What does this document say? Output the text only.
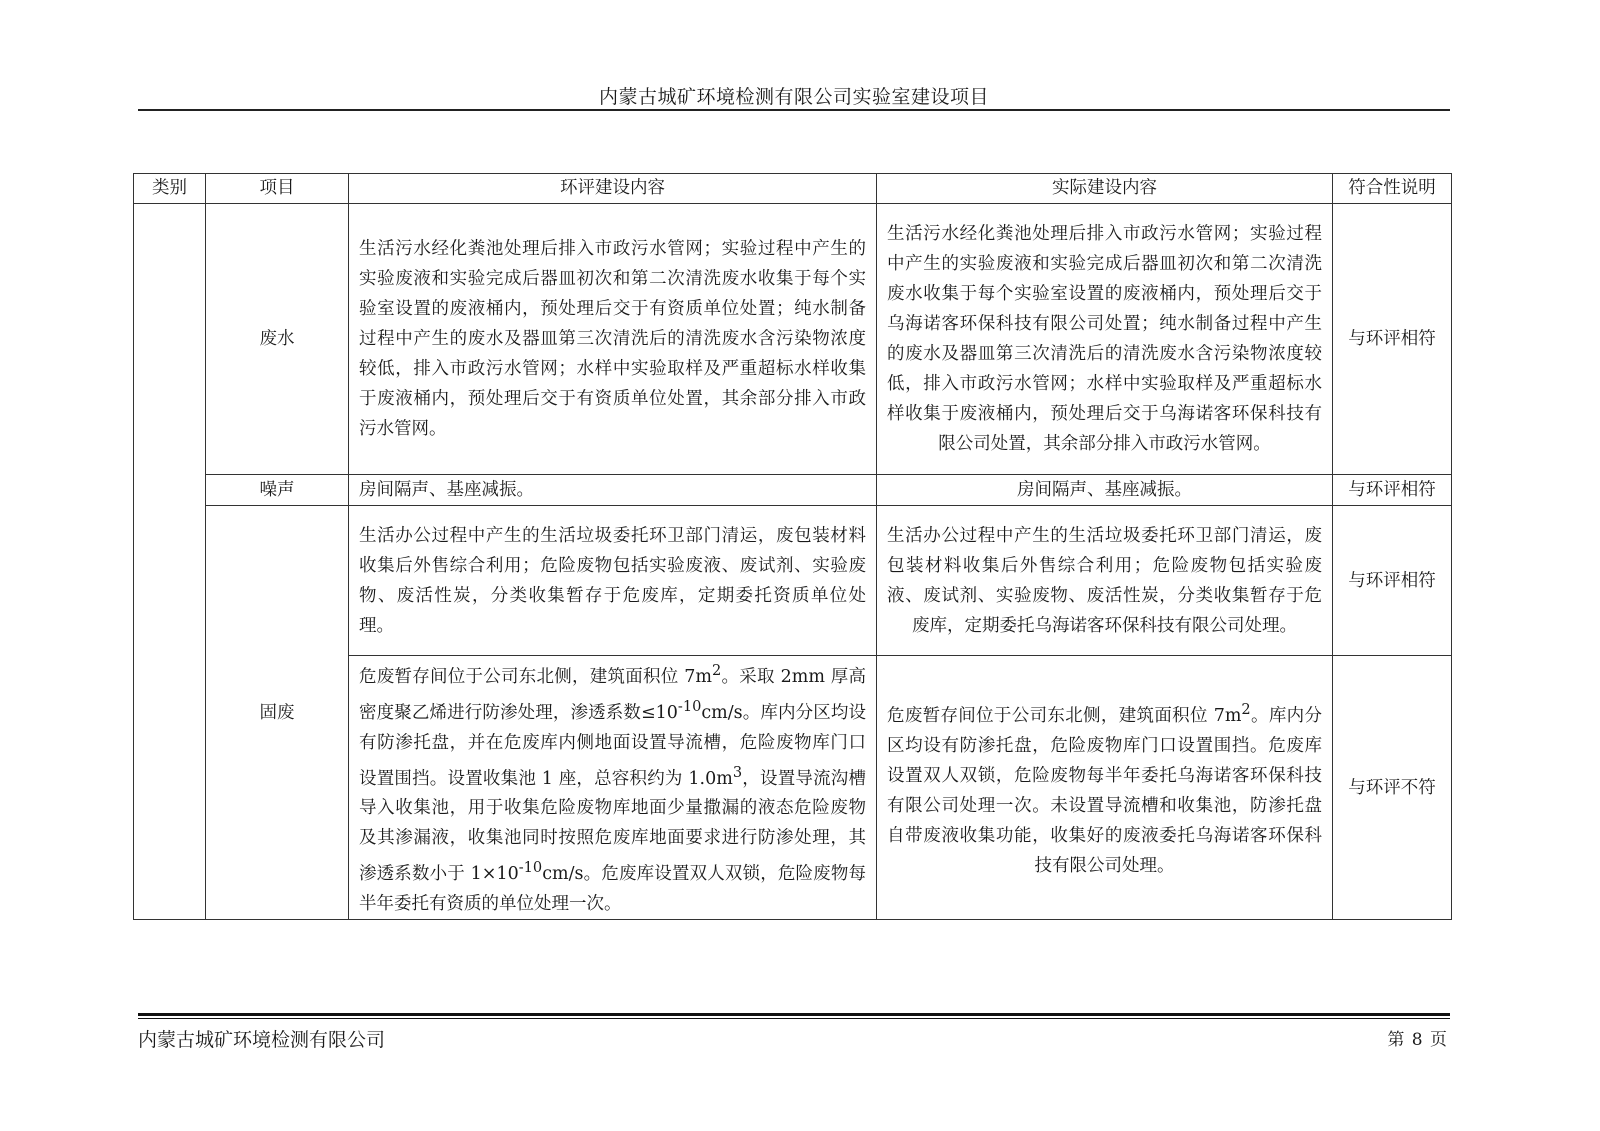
内蒙古城矿环境检测有限公司实验室建设项目
类别	项目	环评建设内容	实际建设内容	符合性说明
	废水	生活污水经化粪池处理后排入市政污水管网；实验过程中产生的实验废液和实验完成后器皿初次和第二次清洗废水收集于每个实验室设置的废液桶内，预处理后交于有资质单位处置；纯水制备过程中产生的废水及器皿第三次清洗后的清洗废水含污染物浓度较低，排入市政污水管网；水样中实验取样及严重超标水样收集于废液桶内，预处理后交于有资质单位处置，其余部分排入市政污水管网。	生活污水经化粪池处理后排入市政污水管网；实验过程中产生的实验废液和实验完成后器皿初次和第二次清洗废水收集于每个实验室设置的废液桶内，预处理后交于乌海诺客环保科技有限公司处置；纯水制备过程中产生的废水及器皿第三次清洗后的清洗废水含污染物浓度较低，排入市政污水管网；水样中实验取样及严重超标水样收集于废液桶内，预处理后交于乌海诺客环保科技有限公司处置，其余部分排入市政污水管网。	与环评相符
	噪声	房间隔声、基座减振。	房间隔声、基座减振。	与环评相符
	固废	生活办公过程中产生的生活垃圾委托环卫部门清运，废包装材料收集后外售综合利用；危险废物包括实验废液、废试剂、实验废物、废活性炭，分类收集暂存于危废库，定期委托资质单位处理。	生活办公过程中产生的生活垃圾委托环卫部门清运，废包装材料收集后外售综合利用；危险废物包括实验废液、废试剂、实验废物、废活性炭，分类收集暂存于危废库，定期委托乌海诺客环保科技有限公司处理。	与环评相符
		危废暂存间位于公司东北侧，建筑面积位 $7m^2$。采取 2mm 厚高密度聚乙烯进行防渗处理，渗透系数$\le 10^{-10}cm/s$。库内分区均设有防渗托盘，并在危废库内侧地面设置导流槽，危险废物库门口设置围挡。设置收集池 1 座，总容积约为 $1.0m^3$，设置导流沟槽导入收集池，用于收集危险废物库地面少量撒漏的液态危险废物及其渗漏液，收集池同时按照危废库地面要求进行防渗处理，其渗透系数小于 $1\times 10^{-10}cm/s$。危废库设置双人双锁，危险废物每半年委托有资质的单位处理一次。	危废暂存间位于公司东北侧，建筑面积位 $7m^2$。库内分区均设有防渗托盘，危险废物库门口设置围挡。危废库设置双人双锁，危险废物每半年委托乌海诺客环保科技有限公司处理一次。未设置导流槽和收集池，防渗托盘自带废液收集功能，收集好的废液委托乌海诺客环保科技有限公司处理。	与环评不符
内蒙古城矿环境检测有限公司	第 8 页
